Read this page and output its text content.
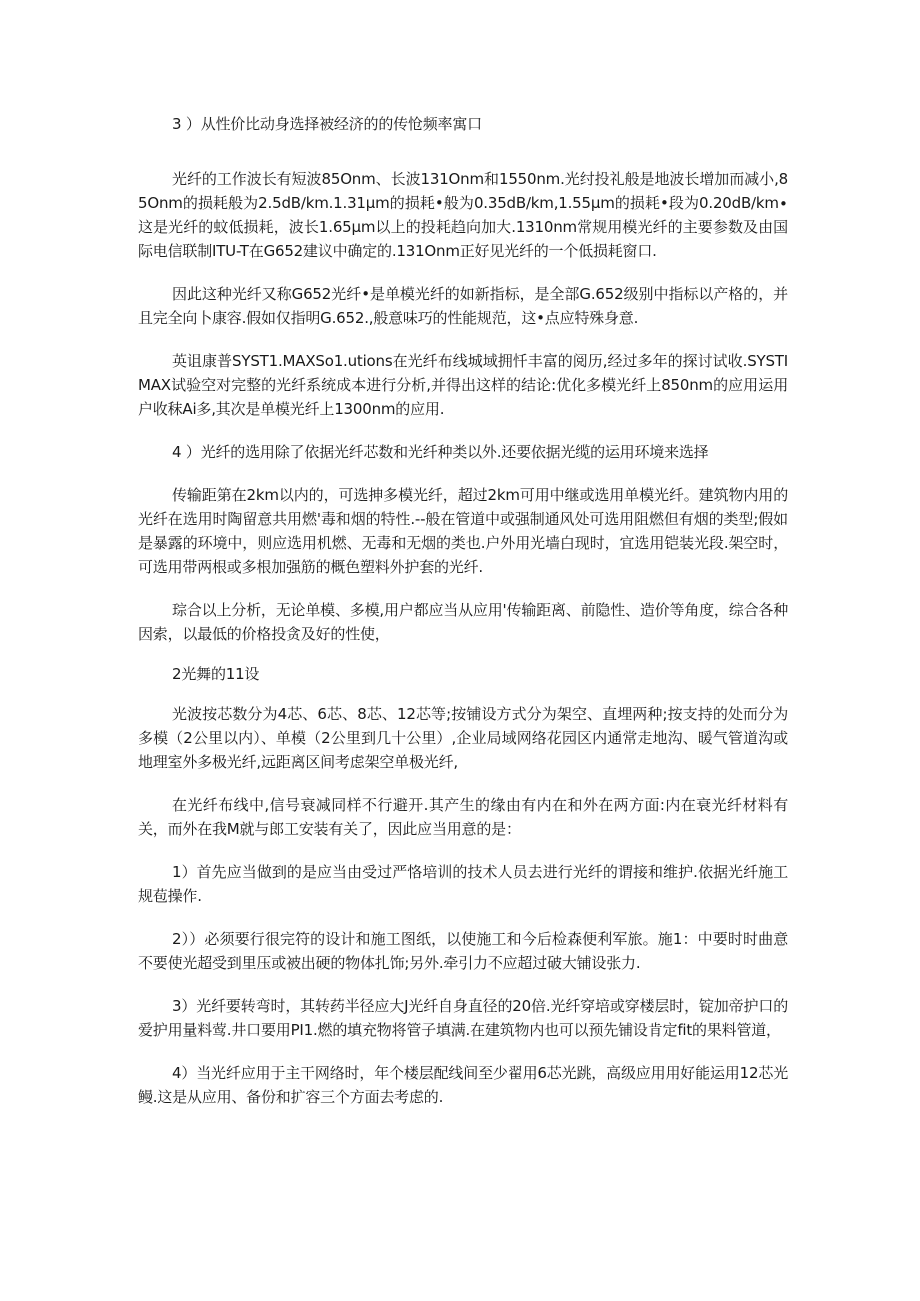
3 ）从性价比动身选择被经济的的传怆频率寓口

光纤的工作波长有短波85Onm、长波131Onm和1550nm.光纣投礼般是地波长增加而减小,85Onm的损耗般为2.5dB∕km.1.31μm的损耗•般为0.35dB∕km,1.55μm的损耗•段为0.20dB∕km∙这是光纤的蚊低损耗，波长1.65μm以上的投耗趋向加大.1310nm常规用模光纤的主要参数及由国际电信联制ITU-T在G652建议中确定的.131Onm正好见光纤的一个低损耗窗口.

因此这种光纤又称G652光纤•是单模光纤的如新指标，是全部G.652级别中指标以产格的，并且完全向卜康容.假如仅指明G.652.,般意味巧的性能规范，这•点应特殊身意.

英诅康普SYST1.MAXSo1.utions在光纤布线城域拥忏丰富的阅历,经过多年的探讨试收.SYSTIMAX试验空对完整的光纤系统成本进行分析,并得出这样的结论:优化多模光纤上850nm的应用运用户收秣Ai多,其次是单模光纤上1300nm的应用.

4 ）光纤的选用除了依据光纤芯数和光纤种类以外.还要依据光缆的运用环境来选择

传输距第在2km以内的，可选抻多模光纤，超过2km可用中继或选用单模光纤。建筑物内用的光纤在选用时陶留意共用燃'毒和烟的特性.--般在管道中或强制通风处可选用阻燃但有烟的类型;假如是暴露的环境中，则应选用机燃、无毒和无烟的类也.户外用光墙白现时，宜选用铠装光段.架空时，可选用带两根或多根加强筋的概色塑料外护套的光纤.

琮合以上分析，无论单模、多模,用户都应当从应用'传输距离、前隐性、造价等角度，综合各种因索，以最低的价格投贪及好的性使，

2光舞的11设

光波按芯数分为4芯、6芯、8芯、12芯等;按铺设方式分为架空、直埋两种;按支持的处而分为多模（2公里以内）、单模（2公里到几十公里）,企业局域网络花园区内通常走地沟、暖气管道沟或地理室外多极光纤,远距离区间考虑架空单极光纤,

在光纤布线中,信号衰减同样不行避开.其产生的缘由有内在和外在两方面:内在衰光纤材料有关，而外在我M就与郎工安装有关了，因此应当用意的是：

1）首先应当做到的是应当由受过严恪培训的技术人员去进行光纤的谓接和维护.依据光纤施工规苞操作.

2））必须要行很完符的设计和施工图纸，以使施工和今后检森便利军旅。施1：中要时时曲意不要使光超受到里压或被出硬的物体扎饰;另外.牵引力不应超过破大铺设张力.

3）光纤要转弯时，其转药半径应大J光纤自身直径的20倍.光纤穿培或穿楼层时，锭加帝护口的爱护用量料莺.井口要用PI1.燃的填充物将管子填满.在建筑物内也可以预先铺设肯定fit的果料管道，

4）当光纤应用于主干网络时，年个楼层配线间至少翟用6芯光跳，高级应用用好能运用12芯光鳗.这是从应用、备份和扩容三个方面去考虑的.
